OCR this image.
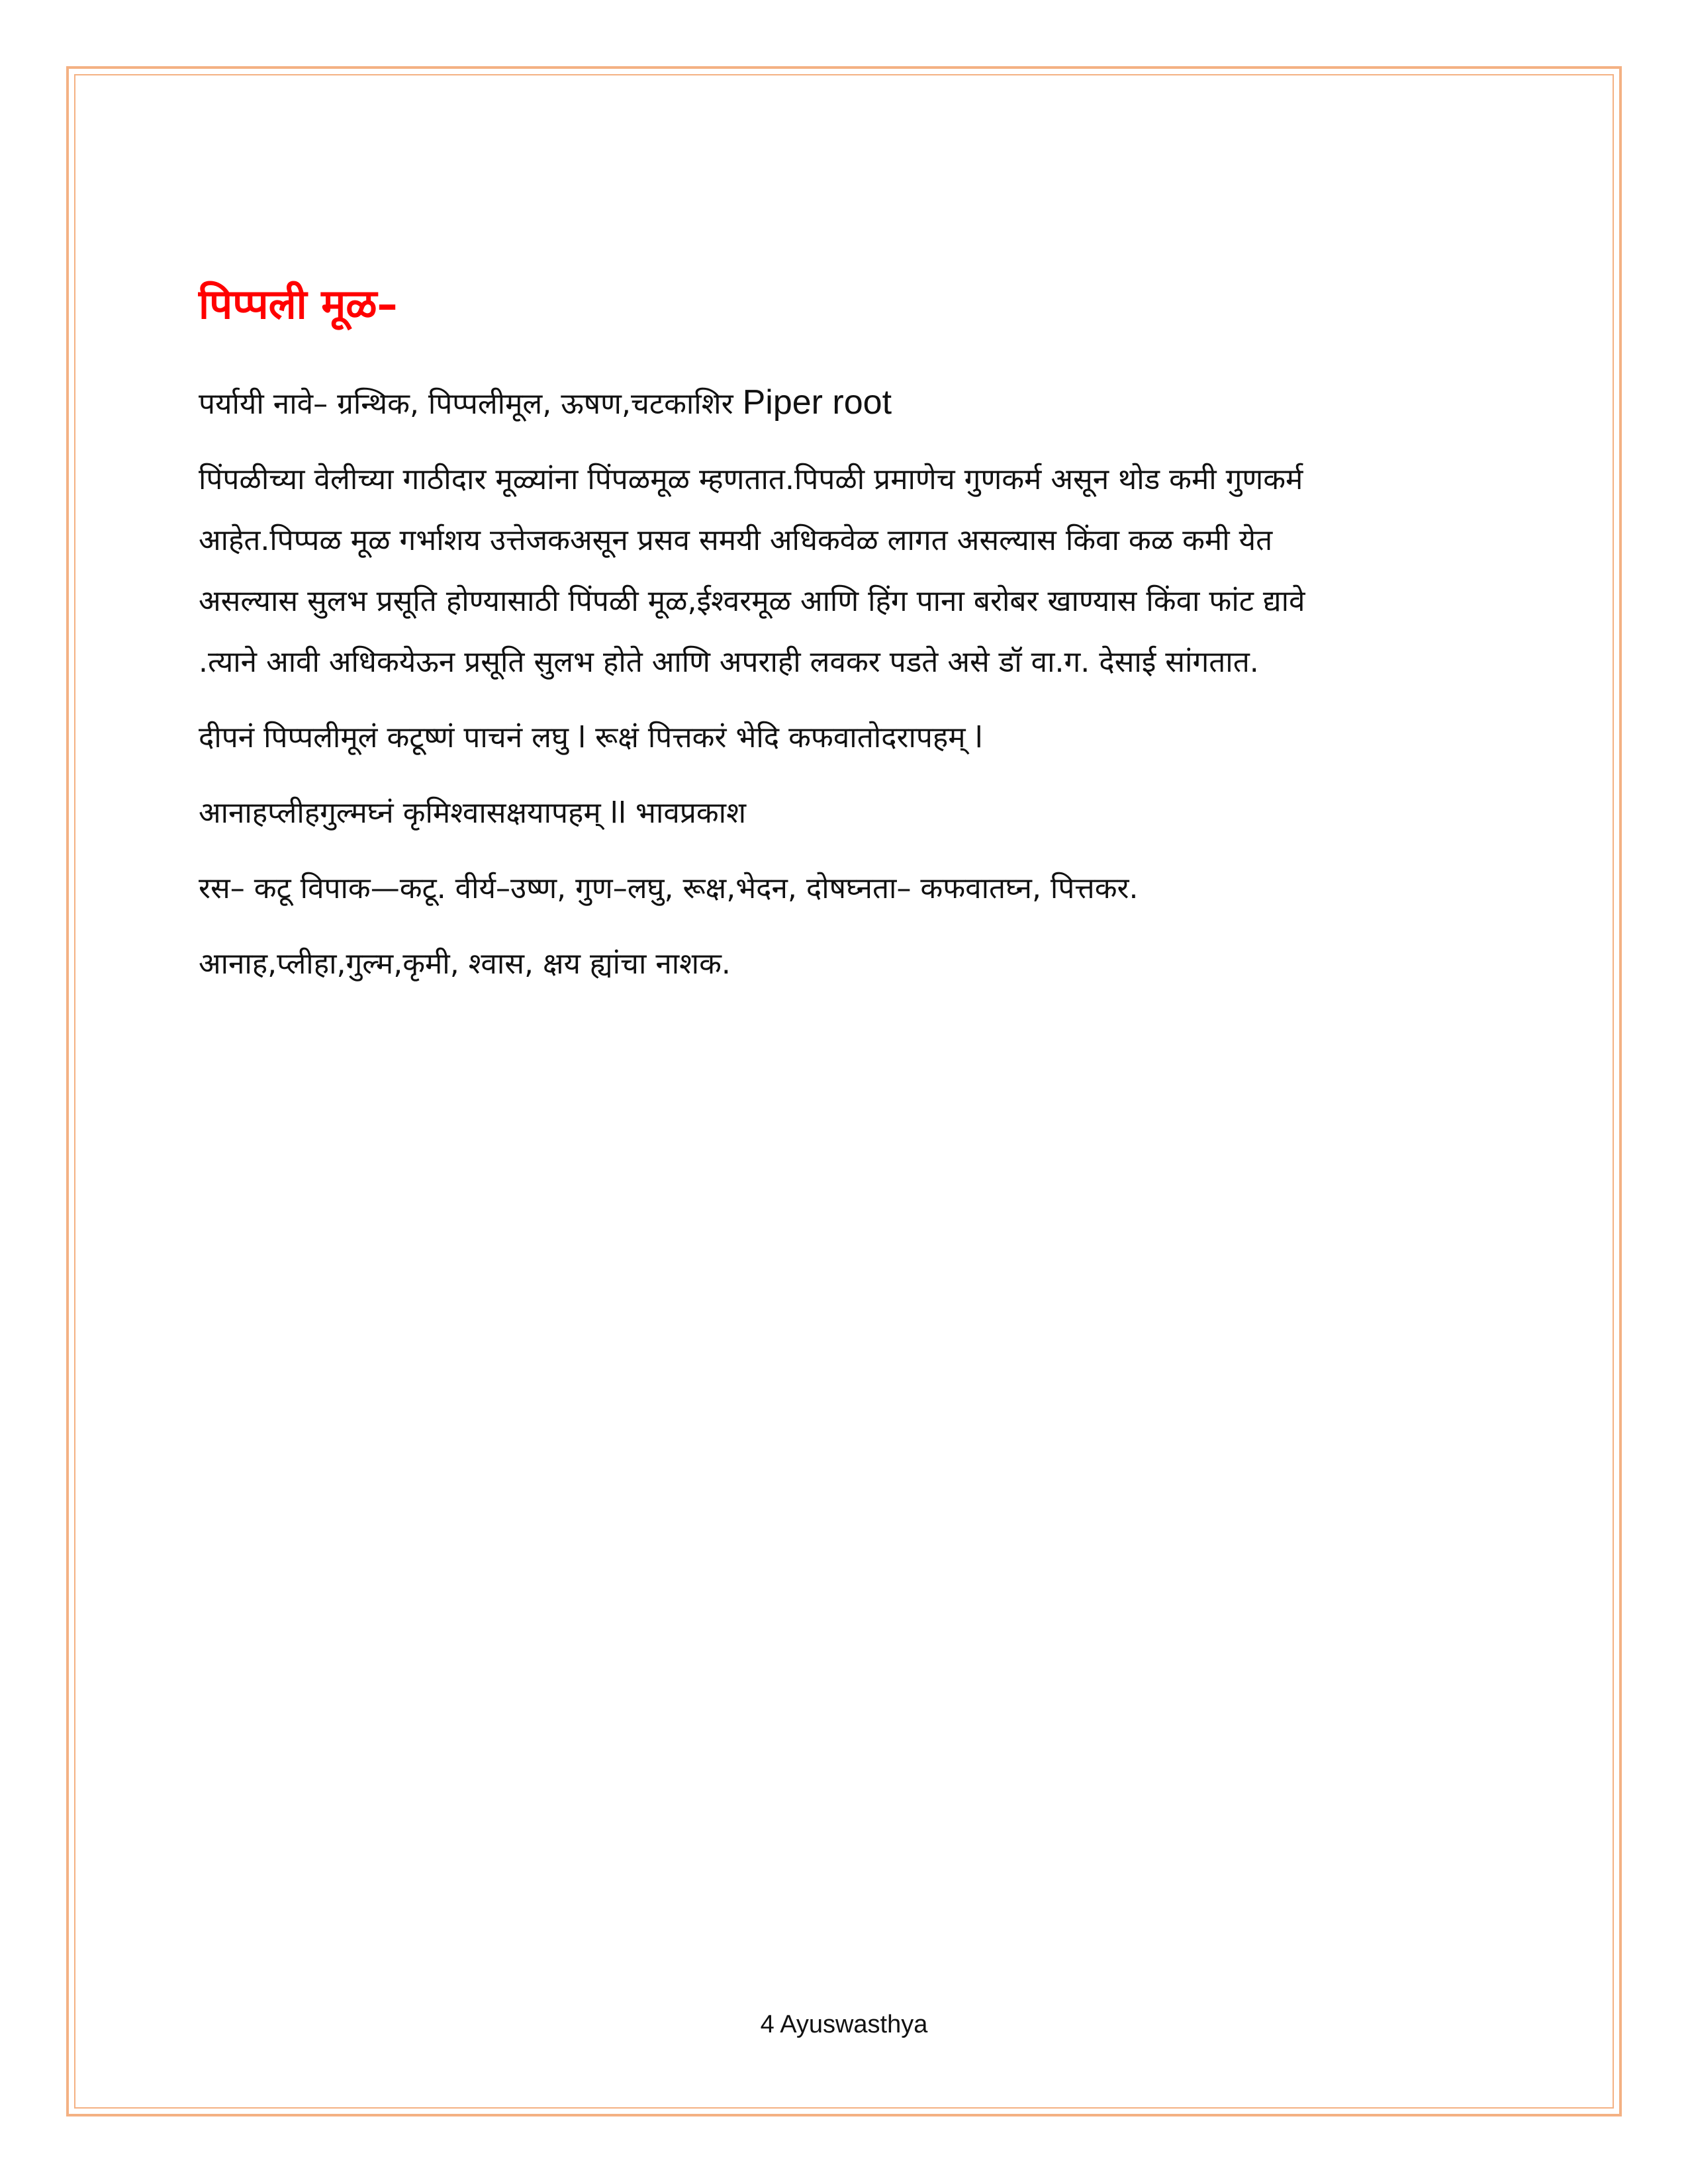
पिप्पली मूळ–

पर्यायी नावे– ग्रन्थिक, पिप्पलीमूल, ऊषण,चटकाशिर Piper root

पिंपळीच्या वेलीच्या गाठीदार मूळ्यांना पिंपळमूळ म्हणतात.पिपळी प्रमाणेच गुणकर्म असून थोड कमी गुणकर्म
आहेत.पिप्पळ मूळ गर्भाशय उत्तेजकअसून प्रसव समयी अधिकवेळ लागत असल्यास किंवा कळ कमी येत
असल्यास सुलभ प्रसूति होण्यासाठी पिंपळी मूळ,ईश्वरमूळ आणि हिंग पाना बरोबर खाण्यास किंवा फांट द्यावे
.त्याने आवी अधिकयेऊन प्रसूति सुलभ होते आणि अपराही लवकर पडते असे डॉ वा.ग. देसाई सांगतात.

दीपनं पिप्पलीमूलं कटूष्णं पाचनं लघु l रूक्षं पित्तकरं भेदि कफवातोदरापहम् l

आनाहप्लीहगुल्मघ्नं कृमिश्वासक्षयापहम् ll भावप्रकाश

रस– कटू विपाक—कटू. वीर्य–उष्ण, गुण–लघु, रूक्ष,भेदन, दोषघ्नता– कफवातघ्न, पित्तकर.

आनाह,प्लीहा,गुल्म,कृमी, श्वास, क्षय ह्यांचा नाशक.

4 Ayuswasthya
